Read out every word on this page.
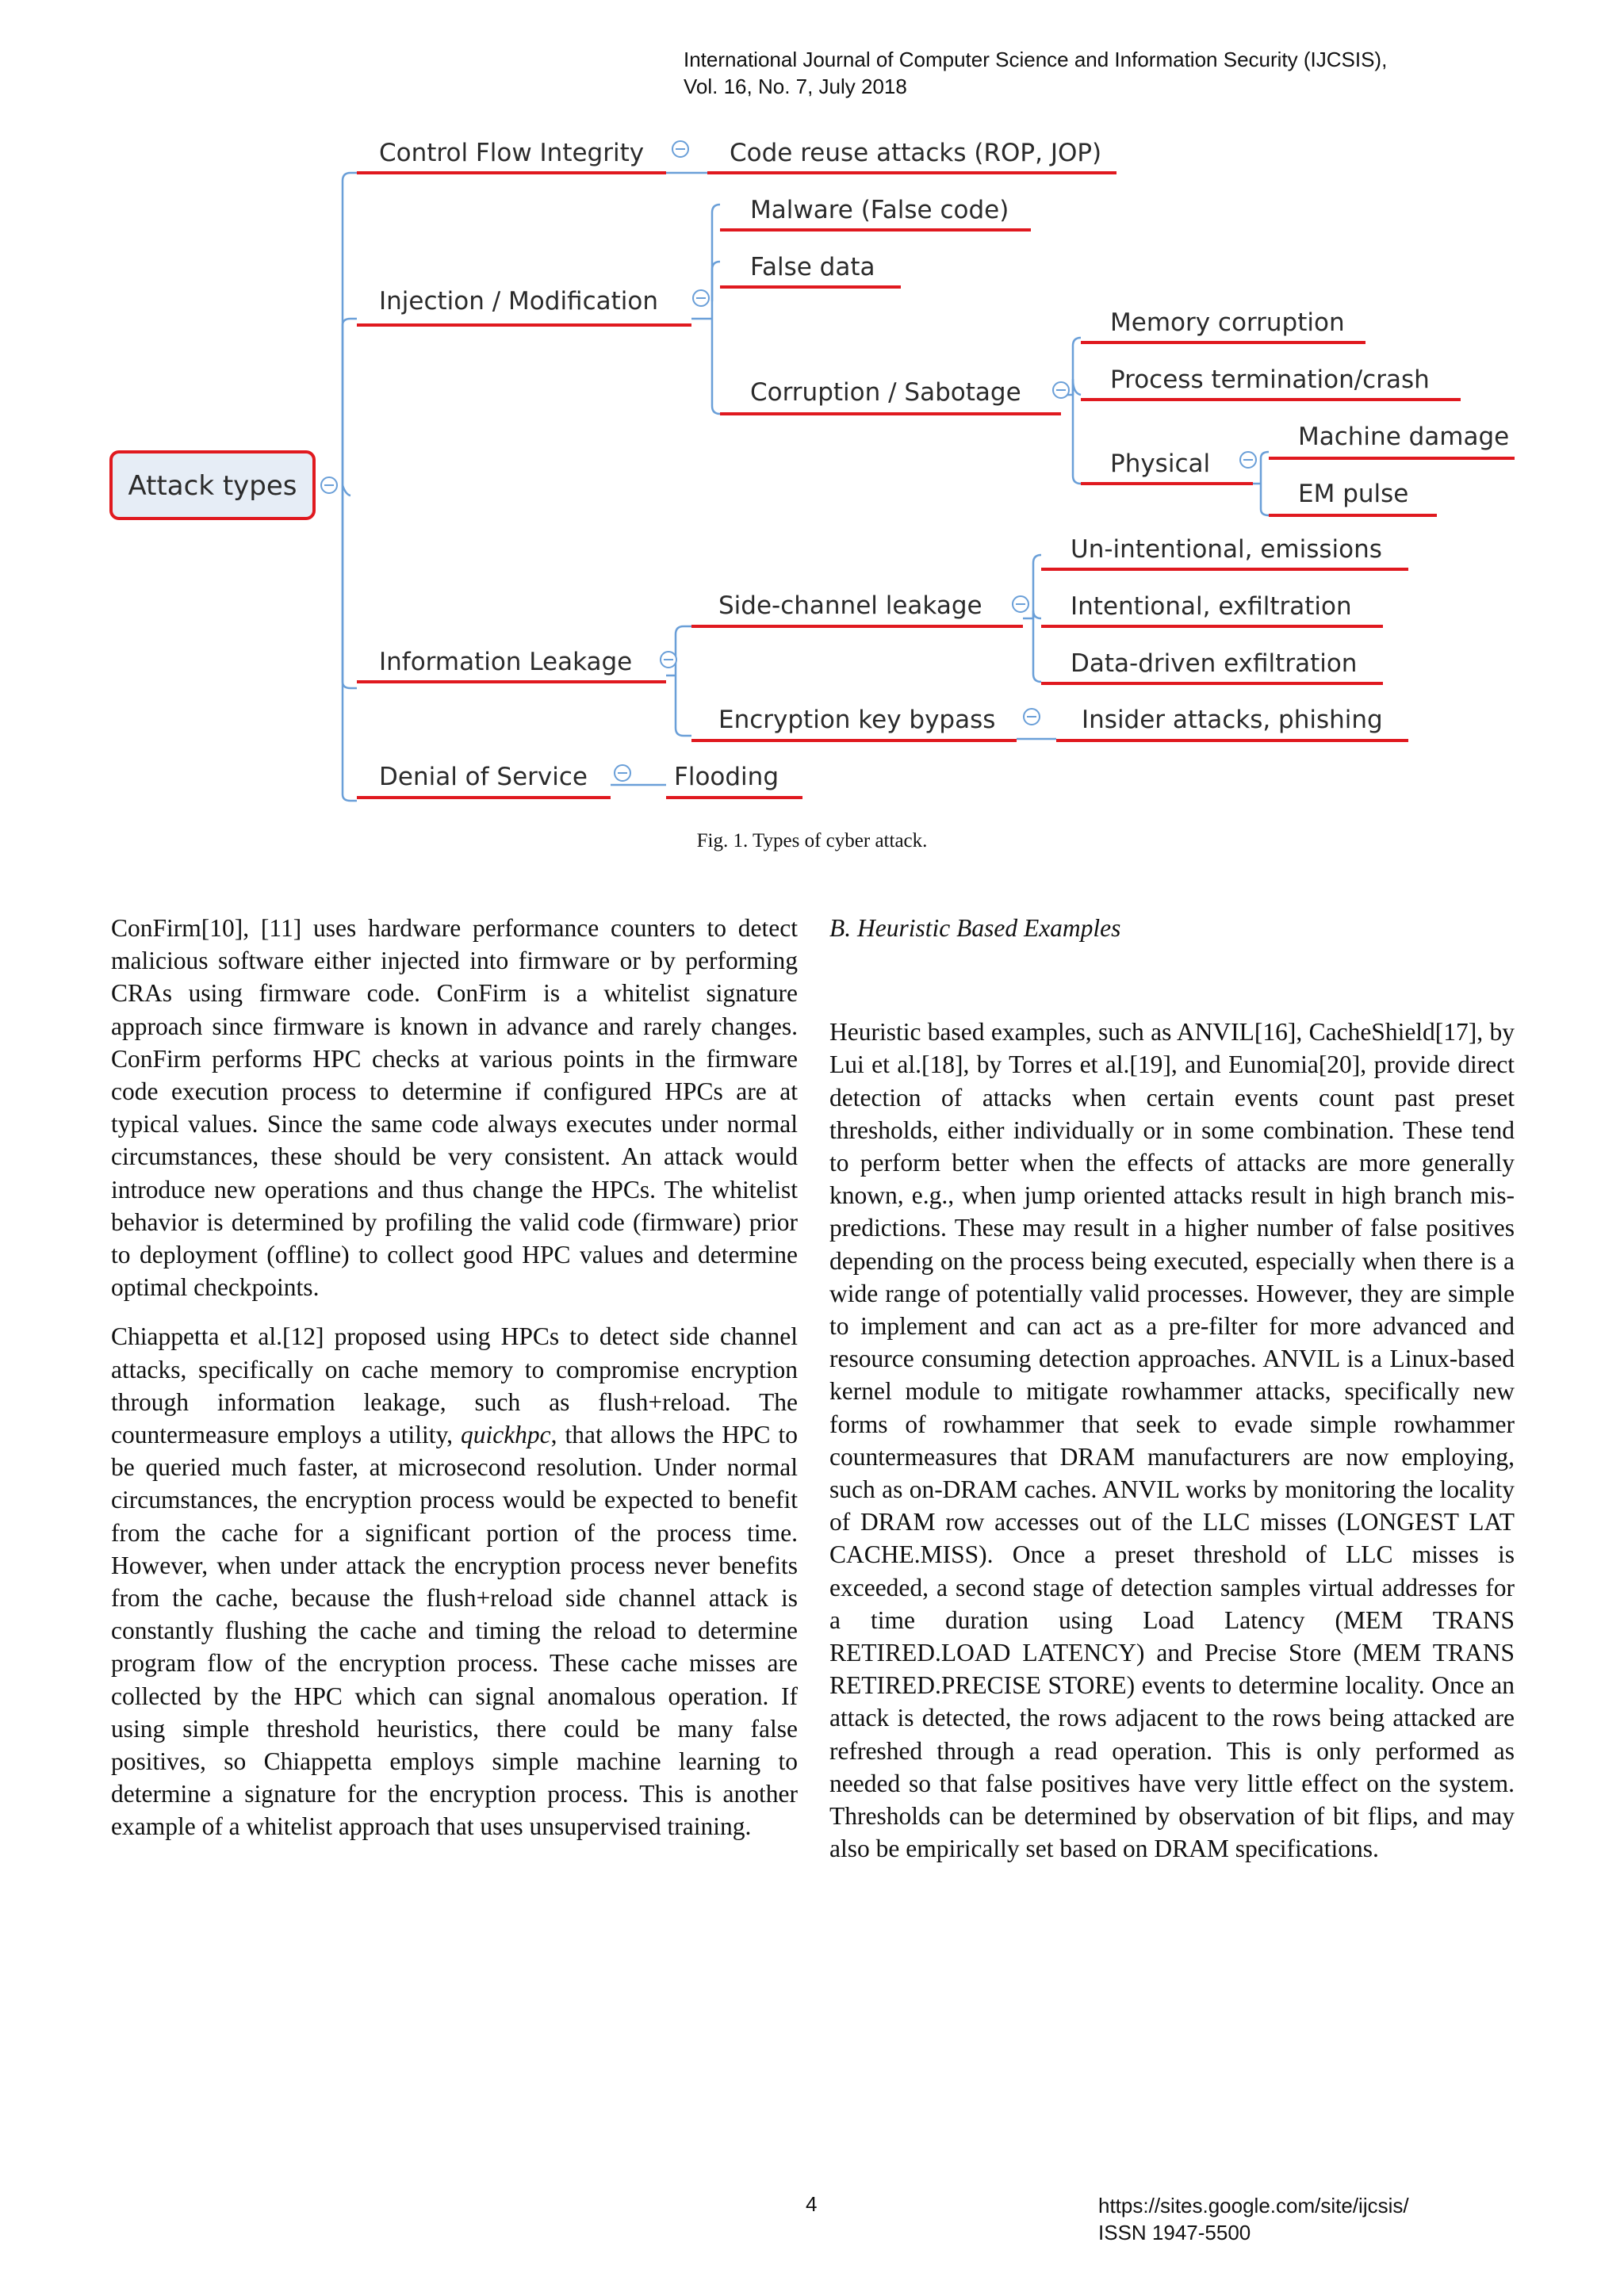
International Journal of Computer Science and Information Security (IJCSIS),
Vol. 16, No. 7, July 2018
Attack types
Control Flow Integrity	Code reuse attacks (ROP, JOP)
Injection / Modification
Malware (False code)
False data
Corruption / Sabotage
Memory corruption
Process termination/crash
Physical
Machine damage
EM pulse
Information Leakage
Side-channel leakage
Un-intentional, emissions
Intentional, exfiltration
Data-driven exfiltration
Encryption key bypass	Insider attacks, phishing
Denial of Service	Flooding
Fig. 1. Types of cyber attack.

ConFirm[10], [11] uses hardware performance counters to detect malicious software either injected into firmware or by performing CRAs using firmware code. ConFirm is a whitelist signature approach since firmware is known in advance and rarely changes. ConFirm performs HPC checks at various points in the firmware code execution process to determine if configured HPCs are at typical values. Since the same code always executes under normal circumstances, these should be very consistent. An attack would introduce new operations and thus change the HPCs. The whitelist behavior is determined by profiling the valid code (firmware) prior to deployment (offline) to collect good HPC values and determine optimal checkpoints.

Chiappetta et al.[12] proposed using HPCs to detect side channel attacks, specifically on cache memory to compromise encryption through information leakage, such as flush+reload. The countermeasure employs a utility, quickhpc, that allows the HPC to be queried much faster, at microsecond resolution. Under normal circumstances, the encryption process would be expected to benefit from the cache for a significant portion of the process time. However, when under attack the encryption process never benefits from the cache, because the flush+reload side channel attack is constantly flushing the cache and timing the reload to determine program flow of the encryption process. These cache misses are collected by the HPC which can signal anomalous operation. If using simple threshold heuristics, there could be many false positives, so Chiappetta employs simple machine learning to determine a signature for the encryption process. This is another example of a whitelist approach that uses unsupervised training.

B. Heuristic Based Examples

Heuristic based examples, such as ANVIL[16], CacheShield[17], by Lui et al.[18], by Torres et al.[19], and Eunomia[20], provide direct detection of attacks when certain events count past preset thresholds, either individually or in some combination. These tend to perform better when the effects of attacks are more generally known, e.g., when jump oriented attacks result in high branch mis-predictions. These may result in a higher number of false positives depending on the process being executed, especially when there is a wide range of potentially valid processes. However, they are simple to implement and can act as a pre-filter for more advanced and resource consuming detection approaches. ANVIL is a Linux-based kernel module to mitigate rowhammer attacks, specifically new forms of rowhammer that seek to evade simple rowhammer countermeasures that DRAM manufacturers are now employing, such as on-DRAM caches. ANVIL works by monitoring the locality of DRAM row accesses out of the LLC misses (LONGEST LAT CACHE.MISS). Once a preset threshold of LLC misses is exceeded, a second stage of detection samples virtual addresses for a time duration using Load Latency (MEM TRANS RETIRED.LOAD LATENCY) and Precise Store (MEM TRANS RETIRED.PRECISE STORE) events to determine locality. Once an attack is detected, the rows adjacent to the rows being attacked are refreshed through a read operation. This is only performed as needed so that false positives have very little effect on the system. Thresholds can be determined by observation of bit flips, and may also be empirically set based on DRAM specifications.

4	https://sites.google.com/site/ijcsis/
ISSN 1947-5500
